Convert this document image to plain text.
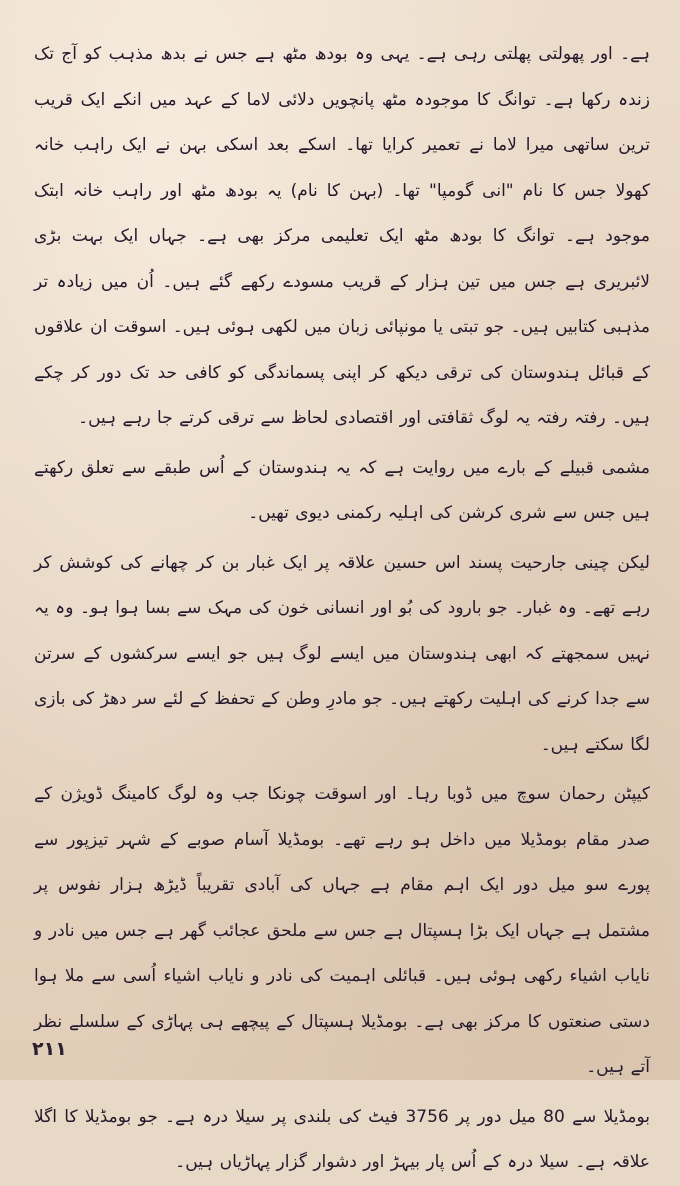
ہے۔ اور پھولتی پھلتی رہی ہے۔ یہی وہ بودھ مٹھ ہے جس نے بدھ مذہب کو آج تک زندہ رکھا ہے۔ توانگ کا موجودہ مٹھ پانچویں دلائی لاما کے عہد میں انکے ایک قریب ترین ساتھی میرا لاما نے تعمیر کرایا تھا۔ اسکے بعد اسکی بہن نے ایک راہب خانہ کھولا جس کا نام "انی گومپا" تھا۔ (بہن کا نام) یہ بودھ مٹھ اور راہب خانہ ابتک موجود ہے۔ توانگ کا بودھ مٹھ ایک تعلیمی مرکز بھی ہے۔ جہاں ایک بہت بڑی لائبریری ہے جس میں تین ہزار کے قریب مسودے رکھے گئے ہیں۔ اُن میں زیادہ تر مذہبی کتابیں ہیں۔ جو تبتی یا مونپائی زبان میں لکھی ہوئی ہیں۔ اسوقت ان علاقوں کے قبائل ہندوستان کی ترقی دیکھ کر اپنی پسماندگی کو کافی حد تک دور کر چکے ہیں۔ رفتہ رفتہ یہ لوگ ثقافتی اور اقتصادی لحاظ سے ترقی کرتے جا رہے ہیں۔

مشمی قبیلے کے بارے میں روایت ہے کہ یہ ہندوستان کے اُس طبقے سے تعلق رکھتے ہیں جس سے شری کرشن کی اہلیہ رکمنی دیوی تھیں۔

لیکن چینی جارحیت پسند اس حسین علاقہ پر ایک غبار بن کر چھانے کی کوشش کر رہے تھے۔ وہ غبار۔ جو بارود کی بُو اور انسانی خون کی مہک سے بسا ہوا ہو۔ وہ یہ نہیں سمجھتے کہ ابھی ہندوستان میں ایسے لوگ ہیں جو ایسے سرکشوں کے سرتن سے جدا کرنے کی اہلیت رکھتے ہیں۔ جو مادرِ وطن کے تحفظ کے لئے سر دھڑ کی بازی لگا سکتے ہیں۔

کیپٹن رحمان سوچ میں ڈوبا رہا۔ اور اسوقت چونکا جب وہ لوگ کامینگ ڈویژن کے صدر مقام بومڈیلا میں داخل ہو رہے تھے۔ بومڈیلا آسام صوبے کے شہر تیزپور سے پورے سو میل دور ایک اہم مقام ہے جہاں کی آبادی تقریباً ڈیڑھ ہزار نفوس پر مشتمل ہے جہاں ایک بڑا ہسپتال ہے جس سے ملحق عجائب گھر ہے جس میں نادر و نایاب اشیاء رکھی ہوئی ہیں۔ قبائلی اہمیت کی نادر و نایاب اشیاء اُسی سے ملا ہوا دستی صنعتوں کا مرکز بھی ہے۔ بومڈیلا ہسپتال کے پیچھے ہی پہاڑی کے سلسلے نظر آتے ہیں۔

بومڈیلا سے 80 میل دور پر 3756 فیٹ کی بلندی پر سیلا درہ ہے۔ جو بومڈیلا کا اگلا علاقہ ہے۔ سیلا درہ کے اُس پار بیہڑ اور دشوار گزار پہاڑیاں ہیں۔

۲۱۱
